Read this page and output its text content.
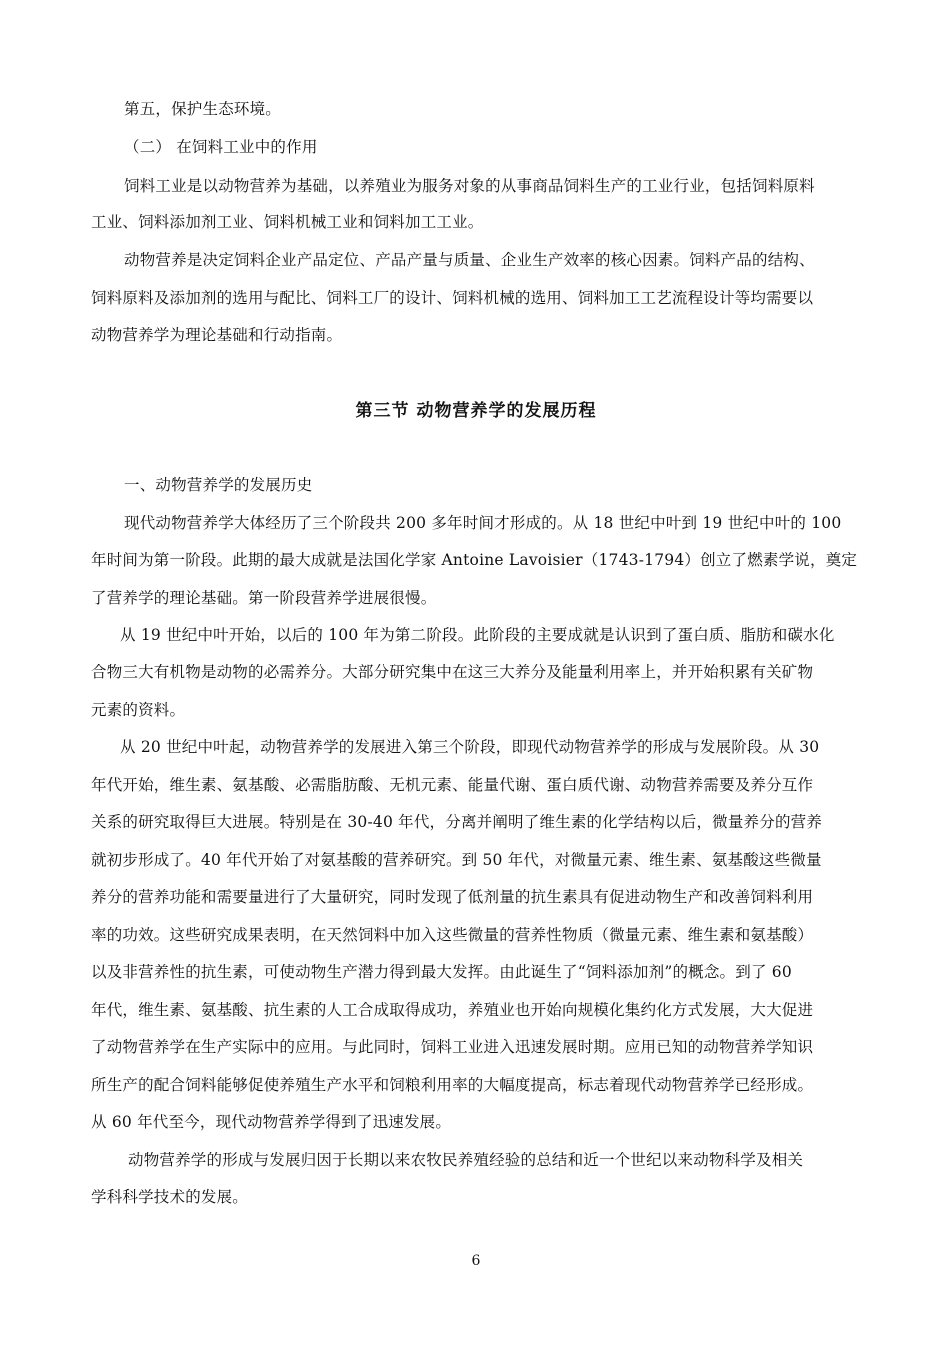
第五，保护生态环境。
（二） 在饲料工业中的作用
饲料工业是以动物营养为基础，以养殖业为服务对象的从事商品饲料生产的工业行业，包括饲料原料
工业、饲料添加剂工业、饲料机械工业和饲料加工工业。
动物营养是决定饲料企业产品定位、产品产量与质量、企业生产效率的核心因素。饲料产品的结构、
饲料原料及添加剂的选用与配比、饲料工厂的设计、饲料机械的选用、饲料加工工艺流程设计等均需要以
动物营养学为理论基础和行动指南。
第三节 动物营养学的发展历程
一、动物营养学的发展历史
现代动物营养学大体经历了三个阶段共 200 多年时间才形成的。从 18 世纪中叶到 19 世纪中叶的 100
年时间为第一阶段。此期的最大成就是法国化学家 Antoine Lavoisier（1743-1794）创立了燃素学说，奠定
了营养学的理论基础。第一阶段营养学进展很慢。
从 19 世纪中叶开始，以后的 100 年为第二阶段。此阶段的主要成就是认识到了蛋白质、脂肪和碳水化
合物三大有机物是动物的必需养分。大部分研究集中在这三大养分及能量利用率上，并开始积累有关矿物
元素的资料。
从 20 世纪中叶起，动物营养学的发展进入第三个阶段，即现代动物营养学的形成与发展阶段。从 30
年代开始，维生素、氨基酸、必需脂肪酸、无机元素、能量代谢、蛋白质代谢、动物营养需要及养分互作
关系的研究取得巨大进展。特别是在 30-40 年代，分离并阐明了维生素的化学结构以后，微量养分的营养
就初步形成了。40 年代开始了对氨基酸的营养研究。到 50 年代，对微量元素、维生素、氨基酸这些微量
养分的营养功能和需要量进行了大量研究，同时发现了低剂量的抗生素具有促进动物生产和改善饲料利用
率的功效。这些研究成果表明，在天然饲料中加入这些微量的营养性物质（微量元素、维生素和氨基酸）
以及非营养性的抗生素，可使动物生产潜力得到最大发挥。由此诞生了“饲料添加剂”的概念。到了 60
年代，维生素、氨基酸、抗生素的人工合成取得成功，养殖业也开始向规模化集约化方式发展，大大促进
了动物营养学在生产实际中的应用。与此同时，饲料工业进入迅速发展时期。应用已知的动物营养学知识
所生产的配合饲料能够促使养殖生产水平和饲粮利用率的大幅度提高，标志着现代动物营养学已经形成。
从 60 年代至今，现代动物营养学得到了迅速发展。
动物营养学的形成与发展归因于长期以来农牧民养殖经验的总结和近一个世纪以来动物科学及相关
学科科学技术的发展。
6
